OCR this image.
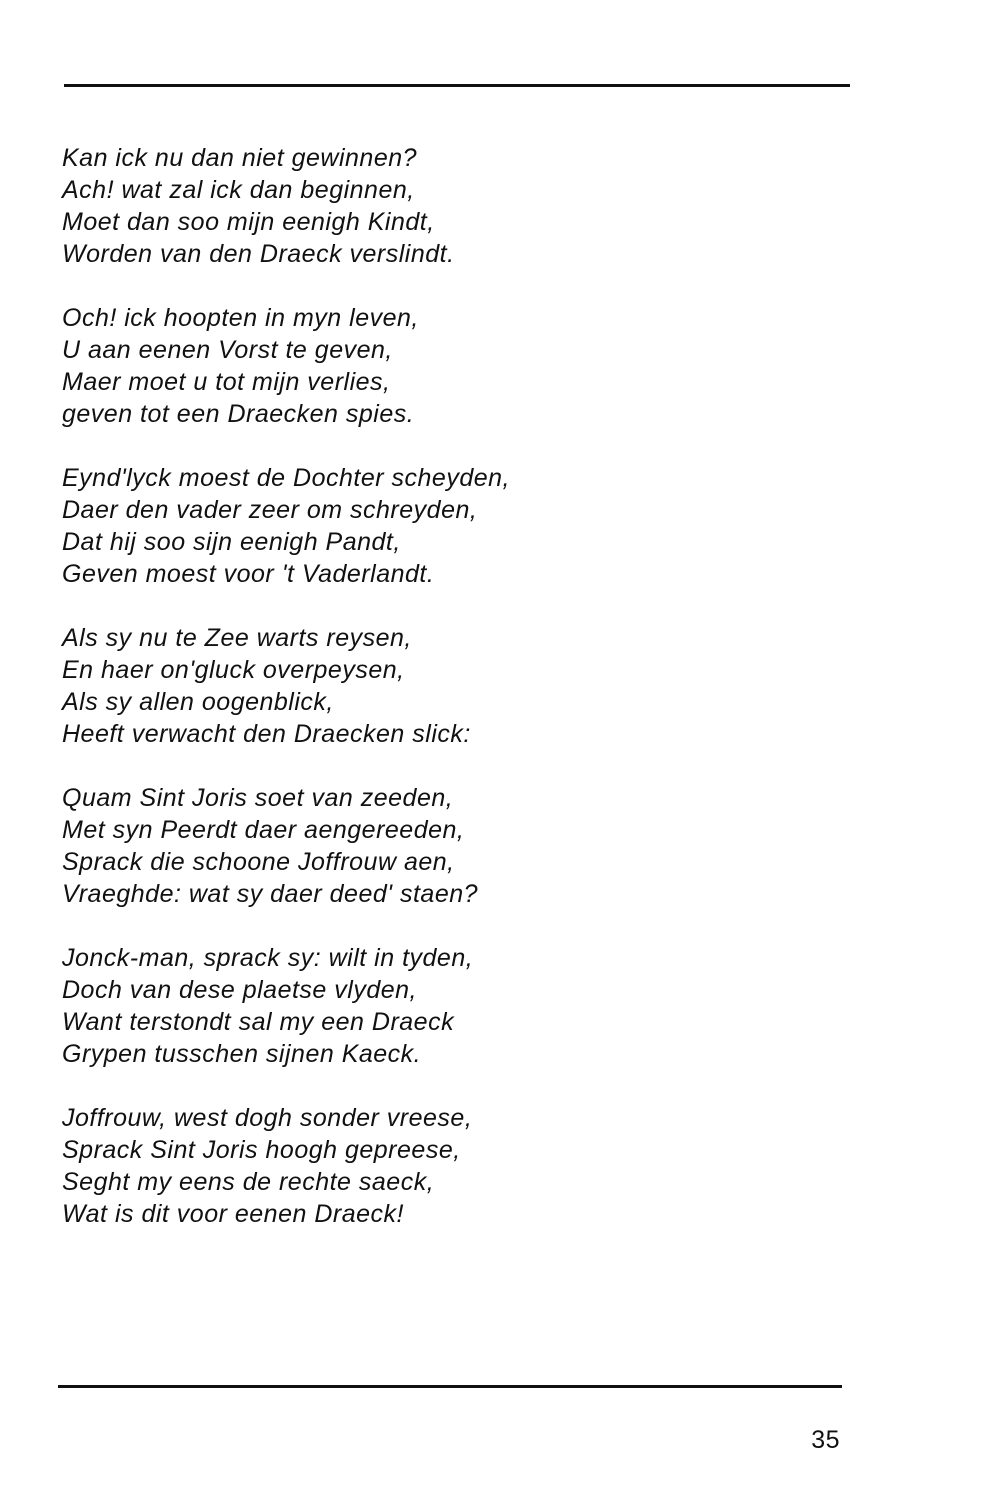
Kan ick nu dan niet gewinnen?
Ach! wat zal ick dan beginnen,
Moet dan soo mijn eenigh Kindt,
Worden van den Draeck verslindt.
Och! ick hoopten in myn leven,
U aan eenen Vorst te geven,
Maer moet u tot mijn verlies,
geven tot een Draecken spies.
Eynd'lyck moest de Dochter scheyden,
Daer den vader zeer om schreyden,
Dat hij soo sijn eenigh Pandt,
Geven moest voor 't Vaderlandt.
Als sy nu te Zee warts reysen,
En haer on'gluck overpeysen,
Als sy allen oogenblick,
Heeft verwacht den Draecken slick:
Quam Sint Joris soet van zeeden,
Met syn Peerdt daer aengereeden,
Sprack die schoone Joffrouw aen,
Vraeghde: wat sy daer deed' staen?
Jonck-man, sprack sy: wilt in tyden,
Doch van dese plaetse vlyden,
Want terstondt sal my een Draeck
Grypen tusschen sijnen Kaeck.
Joffrouw, west dogh sonder vreese,
Sprack Sint Joris hoogh gepreese,
Seght my eens de rechte saeck,
Wat is dit voor eenen Draeck!
35
